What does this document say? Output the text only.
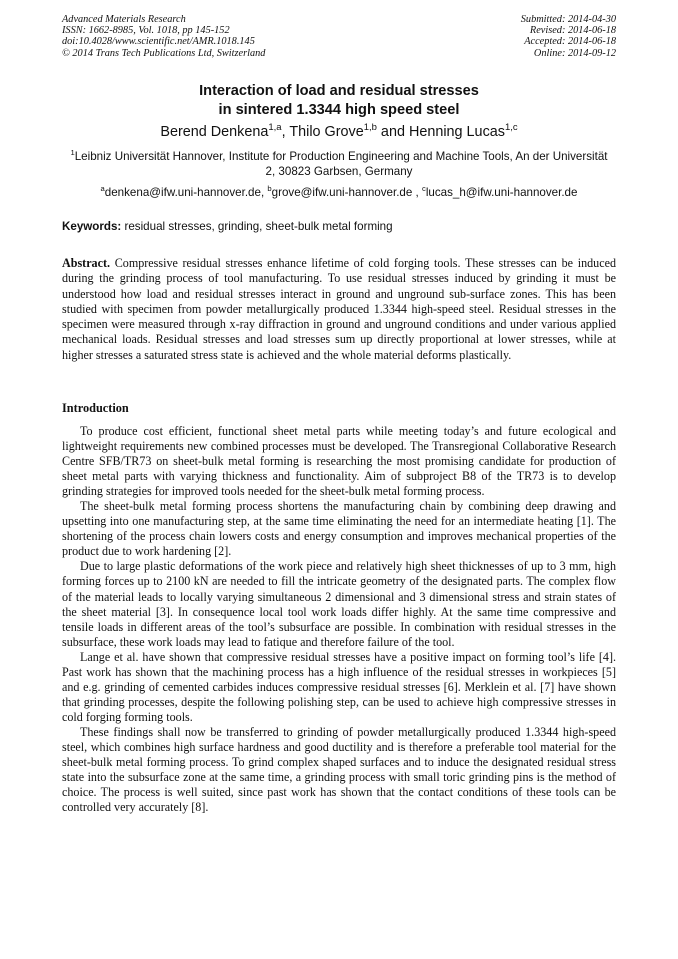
Advanced Materials Research
ISSN: 1662-8985, Vol. 1018, pp 145-152
doi:10.4028/www.scientific.net/AMR.1018.145
© 2014 Trans Tech Publications Ltd, Switzerland
Submitted: 2014-04-30
Revised: 2014-06-18
Accepted: 2014-06-18
Online: 2014-09-12
Interaction of load and residual stresses
in sintered 1.3344 high speed steel
Berend Denkena$^{1,a}$, Thilo Grove$^{1,b}$ and Henning Lucas$^{1,c}$
$^1$Leibniz Universität Hannover, Institute for Production Engineering and Machine Tools, An der Universität 2, 30823 Garbsen, Germany
$^a$denkena@ifw.uni-hannover.de, $^b$grove@ifw.uni-hannover.de , $^c$lucas_h@ifw.uni-hannover.de
Keywords: residual stresses, grinding, sheet-bulk metal forming
Abstract. Compressive residual stresses enhance lifetime of cold forging tools. These stresses can be induced during the grinding process of tool manufacturing. To use residual stresses induced by grinding it must be understood how load and residual stresses interact in ground and unground sub-surface zones. This has been studied with specimen from powder metallurgically produced 1.3344 high-speed steel. Residual stresses in the specimen were measured through x-ray diffraction in ground and unground conditions and under various applied mechanical loads. Residual stresses and load stresses sum up directly proportional at lower stresses, while at higher stresses a saturated stress state is achieved and the whole material deforms plastically.
Introduction

To produce cost efficient, functional sheet metal parts while meeting today’s and future ecological and lightweight requirements new combined processes must be developed. The Transregional Collaborative Research Centre SFB/TR73 on sheet-bulk metal forming is researching the most promising candidate for production of sheet metal parts with varying thickness and functionality. Aim of subproject B8 of the TR73 is to develop grinding strategies for improved tools needed for the sheet-bulk metal forming process.

The sheet-bulk metal forming process shortens the manufacturing chain by combining deep drawing and upsetting into one manufacturing step, at the same time eliminating the need for an intermediate heating [1]. The shortening of the process chain lowers costs and energy consumption and improves mechanical properties of the product due to work hardening [2].

Due to large plastic deformations of the work piece and relatively high sheet thicknesses of up to 3 mm, high forming forces up to 2100 kN are needed to fill the intricate geometry of the designated parts. The complex flow of the material leads to locally varying simultaneous 2 dimensional and 3 dimensional stress and strain states of the sheet material [3]. In consequence local tool work loads differ highly. At the same time compressive and tensile loads in different areas of the tool’s subsurface are possible. In combination with residual stresses in the subsurface, these work loads may lead to fatique and therefore failure of the tool.

Lange et al. have shown that compressive residual stresses have a positive impact on forming tool’s life [4]. Past work has shown that the machining process has a high influence of the residual stresses in workpieces [5] and e.g. grinding of cemented carbides induces compressive residual stresses [6]. Merklein et al. [7] have shown that grinding processes, despite the following polishing step, can be used to achieve high compressive stresses in cold forging forming tools.

These findings shall now be transferred to grinding of powder metallurgically produced 1.3344 high-speed steel, which combines high surface hardness and good ductility and is therefore a preferable tool material for the sheet-bulk metal forming process. To grind complex shaped surfaces and to induce the designated residual stress state into the subsurface zone at the same time, a grinding process with small toric grinding pins is the method of choice. The process is well suited, since past work has shown that the contact conditions of these tools can be controlled very accurately [8].
